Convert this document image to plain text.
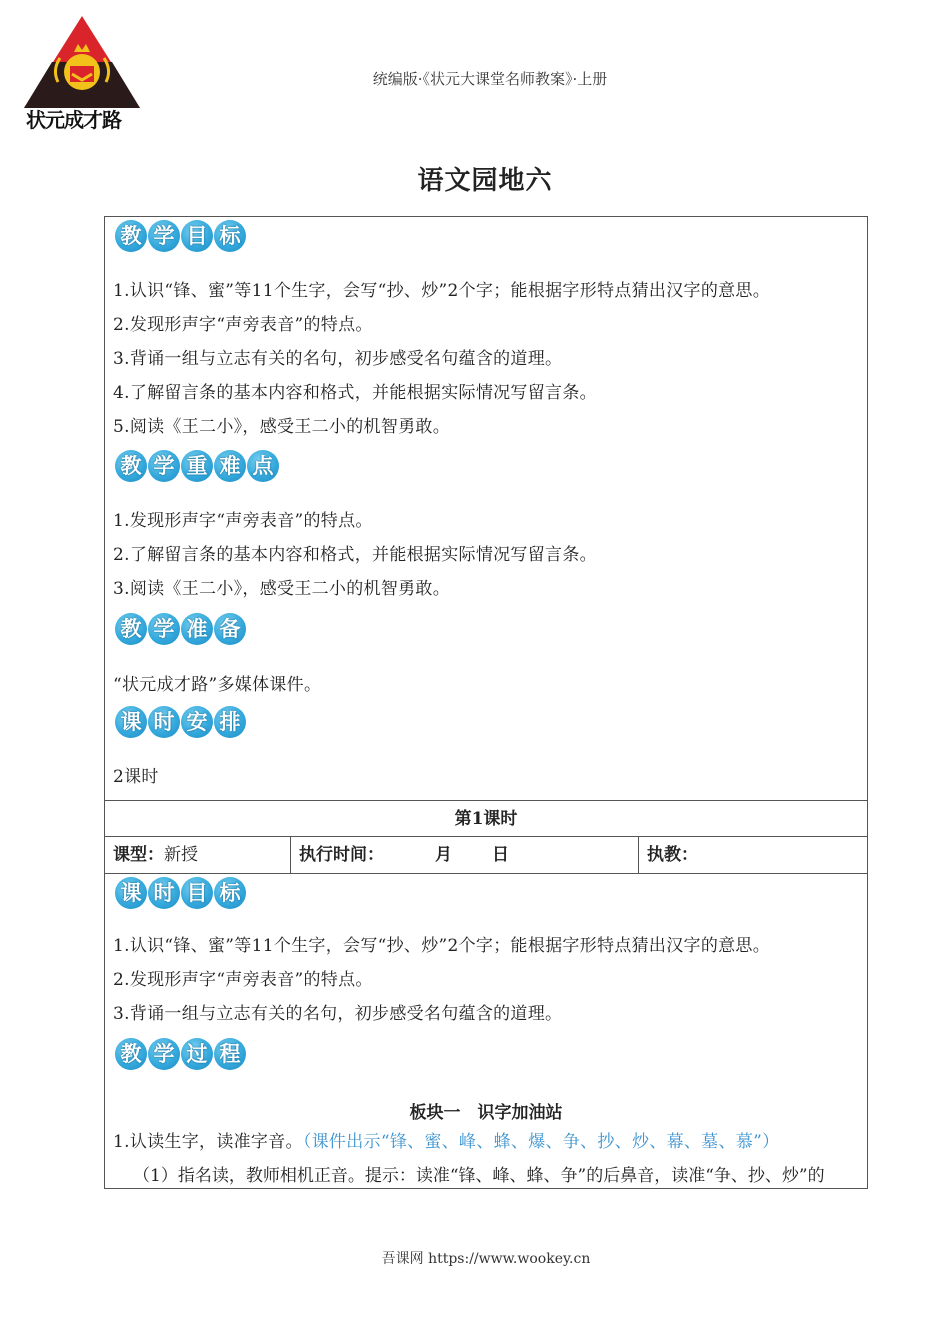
状元成才路
®
统编版·《状元大课堂名师教案》·上册
语文园地六
教 学 目 标
1.认识“锋、蜜”等11个生字，会写“抄、炒”2个字；能根据字形特点猜出汉字的意思。
2.发现形声字“声旁表音”的特点。
3.背诵一组与立志有关的名句，初步感受名句蕴含的道理。
4.了解留言条的基本内容和格式，并能根据实际情况写留言条。
5.阅读《王二小》，感受王二小的机智勇敢。
教 学 重 难 点
1.发现形声字“声旁表音”的特点。
2.了解留言条的基本内容和格式，并能根据实际情况写留言条。
3.阅读《王二小》，感受王二小的机智勇敢。
教 学 准 备
“状元成才路”多媒体课件。
课 时 安 排
2课时
第1课时
课型：新授	执行时间：	月 日	执教：
课 时 目 标
1.认识“锋、蜜”等11个生字，会写“抄、炒”2个字；能根据字形特点猜出汉字的意思。
2.发现形声字“声旁表音”的特点。
3.背诵一组与立志有关的名句，初步感受名句蕴含的道理。
教 学 过 程
板块一　识字加油站
1.认读生字，读准字音。（课件出示“锋、蜜、峰、蜂、爆、争、抄、炒、幕、墓、慕”）
（1）指名读，教师相机正音。提示：读准“锋、峰、蜂、争”的后鼻音，读准“争、抄、炒”的
吾课网 https://www.wookey.cn
